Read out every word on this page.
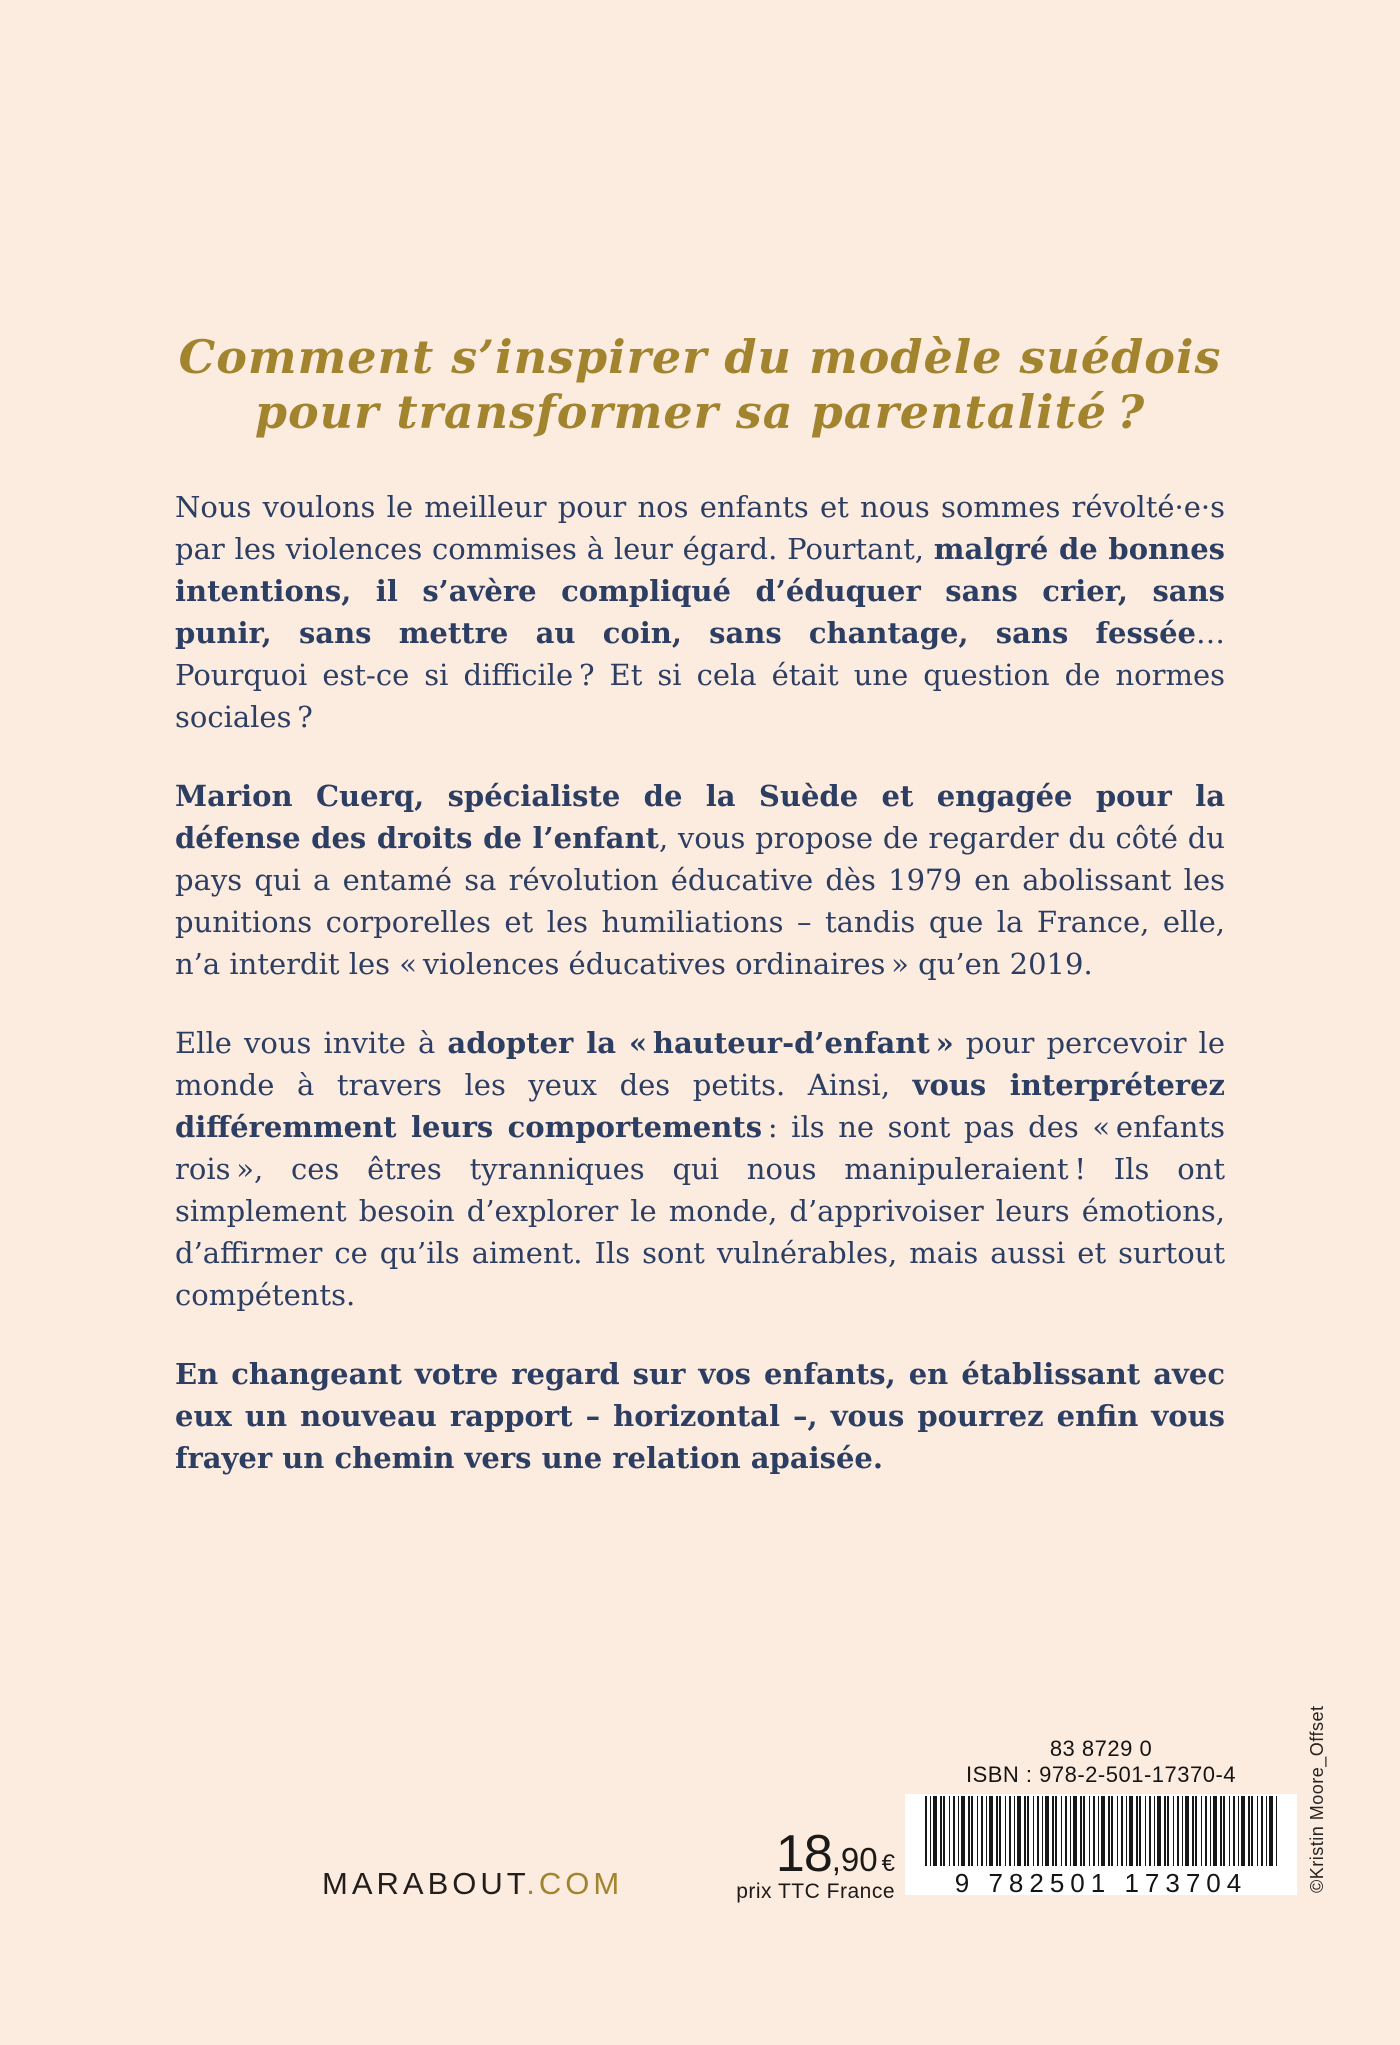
Comment s’inspirer du modèle suédois
pour transformer sa parentalité ?

Nous voulons le meilleur pour nos enfants et nous sommes révolté·e·s par les violences commises à leur égard. Pourtant, malgré de bonnes intentions, il s’avère compliqué d’éduquer sans crier, sans punir, sans mettre au coin, sans chantage, sans fessée… Pourquoi est-ce si difficile ? Et si cela était une question de normes sociales ?

Marion Cuerq, spécialiste de la Suède et engagée pour la défense des droits de l’enfant, vous propose de regarder du côté du pays qui a entamé sa révolution éducative dès 1979 en abolissant les punitions corporelles et les humiliations – tandis que la France, elle, n’a interdit les « violences éducatives ordinaires » qu’en 2019.

Elle vous invite à adopter la « hauteur-d’enfant » pour percevoir le monde à travers les yeux des petits. Ainsi, vous interpréterez différemment leurs comportements : ils ne sont pas des « enfants rois », ces êtres tyranniques qui nous manipuleraient ! Ils ont simplement besoin d’explorer le monde, d’apprivoiser leurs émotions, d’affirmer ce qu’ils aiment. Ils sont vulnérables, mais aussi et surtout compétents.

En changeant votre regard sur vos enfants, en établissant avec eux un nouveau rapport – horizontal –, vous pourrez enfin vous frayer un chemin vers une relation apaisée.

MARABOUT.COM
18,90 €
prix TTC France
83 8729 0
ISBN : 978-2-501-17370-4
9 782501 173704	©Kristin Moore_Offset
